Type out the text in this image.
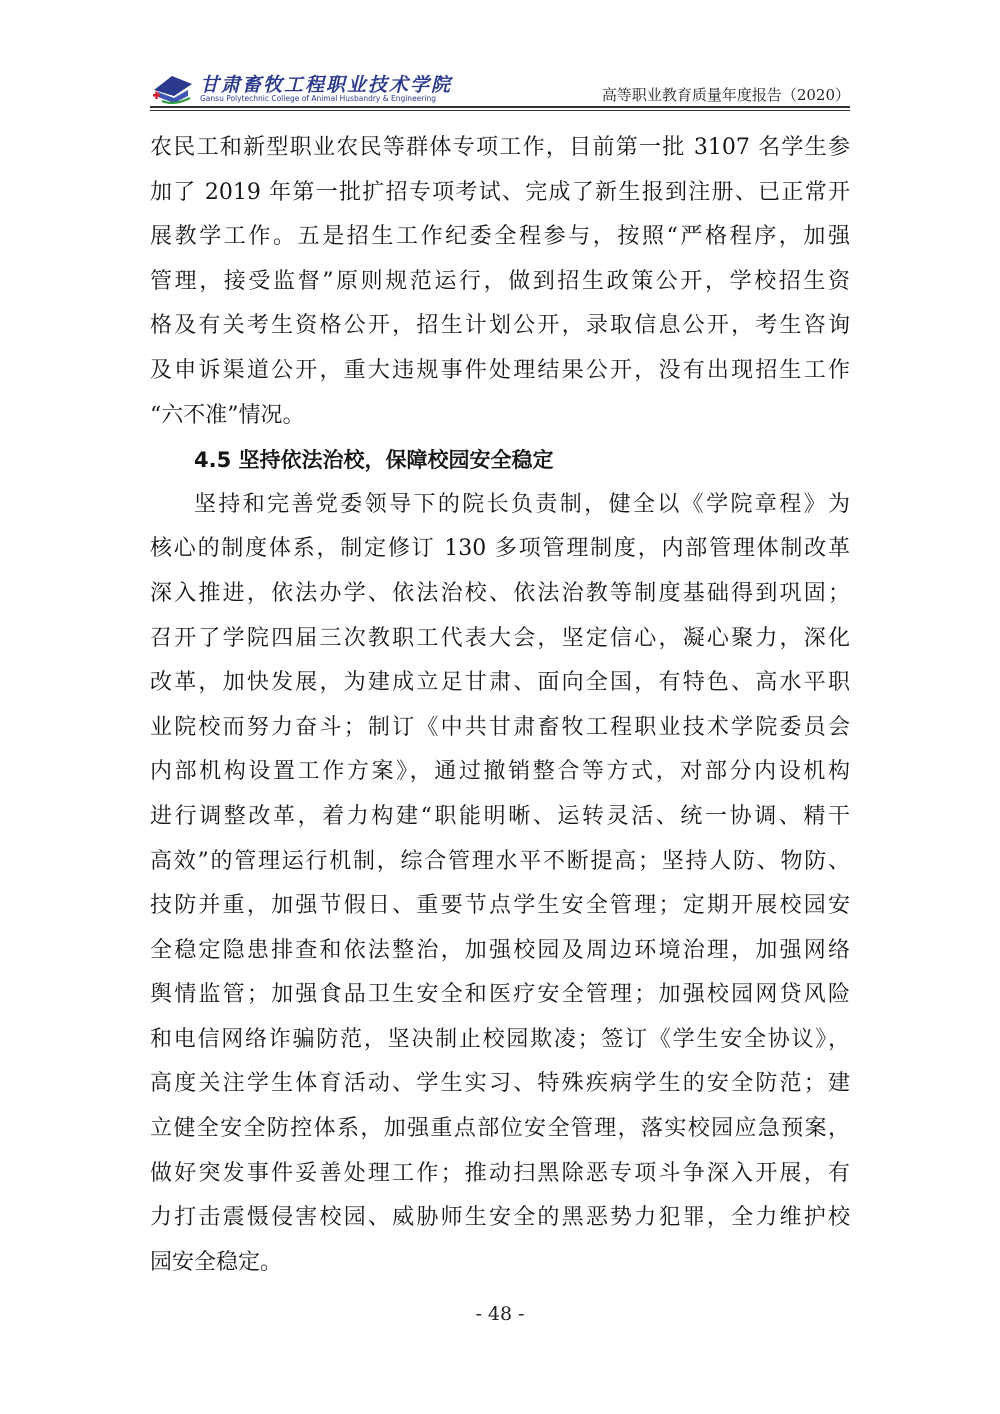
甘肃畜牧工程职业技术学院
Gansu Polytechnic College of Animal Husbandry & Engineering	高等职业教育质量年度报告（2020）
农民工和新型职业农民等群体专项工作，目前第一批 3107 名学生参
加了 2019 年第一批扩招专项考试、完成了新生报到注册、已正常开
展教学工作。五是招生工作纪委全程参与，按照“严格程序，加强
管理，接受监督”原则规范运行，做到招生政策公开，学校招生资
格及有关考生资格公开，招生计划公开，录取信息公开，考生咨询
及申诉渠道公开，重大违规事件处理结果公开，没有出现招生工作
“六不准”情况。
4.5 坚持依法治校，保障校园安全稳定
坚持和完善党委领导下的院长负责制，健全以《学院章程》为
核心的制度体系，制定修订 130 多项管理制度，内部管理体制改革
深入推进，依法办学、依法治校、依法治教等制度基础得到巩固；
召开了学院四届三次教职工代表大会，坚定信心，凝心聚力，深化
改革，加快发展，为建成立足甘肃、面向全国，有特色、高水平职
业院校而努力奋斗；制订《中共甘肃畜牧工程职业技术学院委员会
内部机构设置工作方案》，通过撤销整合等方式，对部分内设机构
进行调整改革，着力构建“职能明晰、运转灵活、统一协调、精干
高效”的管理运行机制，综合管理水平不断提高；坚持人防、物防、
技防并重，加强节假日、重要节点学生安全管理；定期开展校园安
全稳定隐患排查和依法整治，加强校园及周边环境治理，加强网络
舆情监管；加强食品卫生安全和医疗安全管理；加强校园网贷风险
和电信网络诈骗防范，坚决制止校园欺凌；签订《学生安全协议》，
高度关注学生体育活动、学生实习、特殊疾病学生的安全防范；建
立健全安全防控体系，加强重点部位安全管理，落实校园应急预案，
做好突发事件妥善处理工作；推动扫黑除恶专项斗争深入开展，有
力打击震慑侵害校园、威胁师生安全的黑恶势力犯罪，全力维护校
园安全稳定。
- 48 -
